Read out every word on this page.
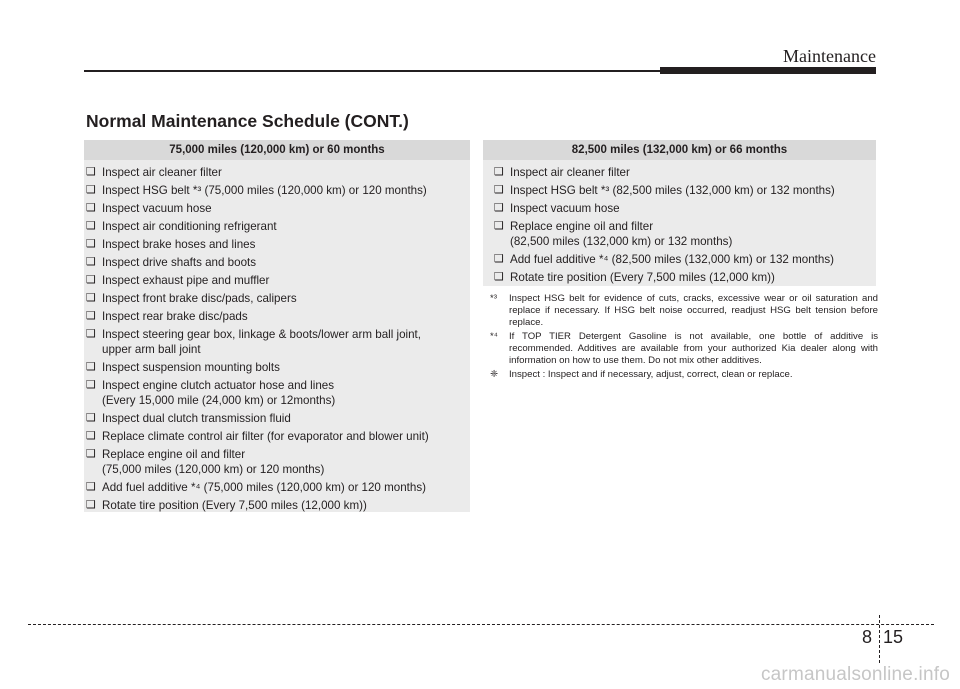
Maintenance
Normal Maintenance Schedule (CONT.)
75,000 miles (120,000 km) or 60 months
❑ Inspect air cleaner filter
❑ Inspect HSG belt *³ (75,000 miles (120,000 km) or 120 months)
❑ Inspect vacuum hose
❑ Inspect air conditioning refrigerant
❑ Inspect brake hoses and lines
❑ Inspect drive shafts and boots
❑ Inspect exhaust pipe and muffler
❑ Inspect front brake disc/pads, calipers
❑ Inspect rear brake disc/pads
❑ Inspect steering gear box, linkage & boots/lower arm ball joint,
upper arm ball joint
❑ Inspect suspension mounting bolts
❑ Inspect engine clutch actuator hose and lines
(Every 15,000 mile (24,000 km) or 12months)
❑ Inspect dual clutch transmission fluid
❑ Replace climate control air filter (for evaporator and blower unit)
❑ Replace engine oil and filter
(75,000 miles (120,000 km) or 120 months)
❑ Add fuel additive *⁴ (75,000 miles (120,000 km) or 120 months)
❑ Rotate tire position (Every 7,500 miles (12,000 km))
82,500 miles (132,000 km) or 66 months
❑ Inspect air cleaner filter
❑ Inspect HSG belt *³ (82,500 miles (132,000 km) or 132 months)
❑ Inspect vacuum hose
❑ Replace engine oil and filter
(82,500 miles (132,000 km) or 132 months)
❑ Add fuel additive *⁴ (82,500 miles (132,000 km) or 132 months)
❑ Rotate tire position (Every 7,500 miles (12,000 km))
*³ Inspect HSG belt for evidence of cuts, cracks, excessive wear or oil saturation and replace if necessary. If HSG belt noise occurred, readjust HSG belt tension before replace.
*⁴ If TOP TIER Detergent Gasoline is not available, one bottle of additive is recommended. Additives are available from your authorized Kia dealer along with information on how to use them. Do not mix other additives.
❈ Inspect : Inspect and if necessary, adjust, correct, clean or replace.
8 15
carmanualsonline.info
